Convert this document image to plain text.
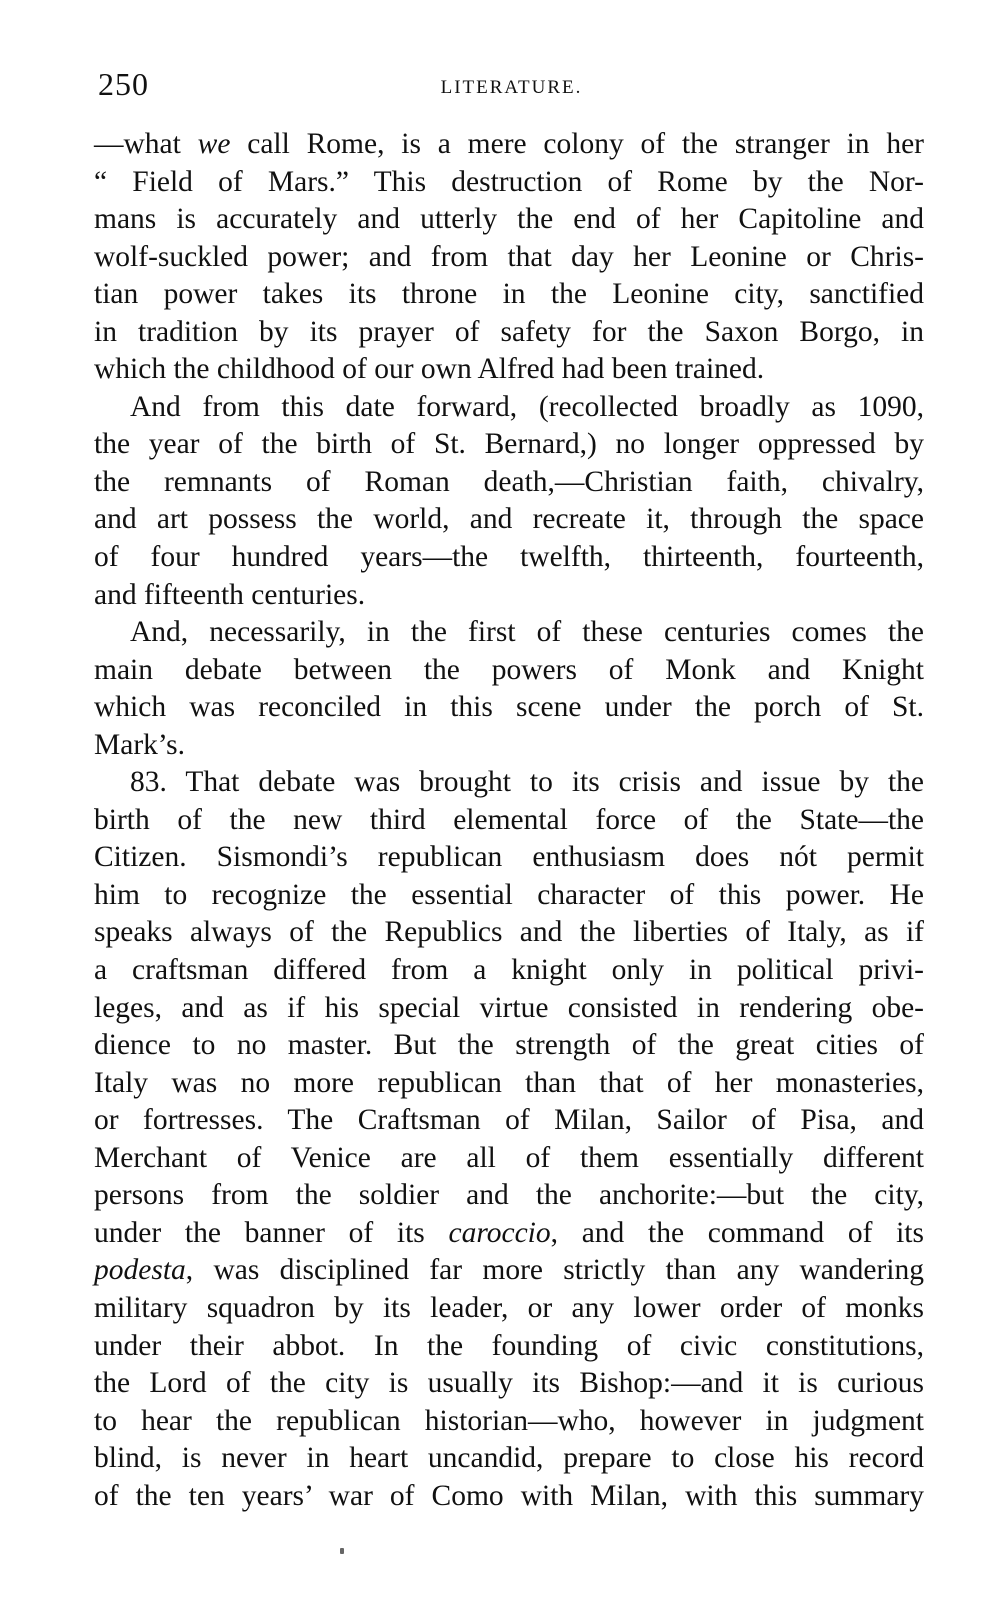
250	LITERATURE.
—what we call Rome, is a mere colony of the stranger in her
“ Field of Mars.” This destruction of Rome by the Nor-
mans is accurately and utterly the end of her Capitoline and
wolf-suckled power; and from that day her Leonine or Chris-
tian power takes its throne in the Leonine city, sanctified
in tradition by its prayer of safety for the Saxon Borgo, in
which the childhood of our own Alfred had been trained.
And from this date forward, (recollected broadly as 1090,
the year of the birth of St. Bernard,) no longer oppressed by
the remnants of Roman death,—Christian faith, chivalry,
and art possess the world, and recreate it, through the space
of four hundred years—the twelfth, thirteenth, fourteenth,
and fifteenth centuries.
And, necessarily, in the first of these centuries comes the
main debate between the powers of Monk and Knight
which was reconciled in this scene under the porch of St.
Mark’s.
83. That debate was brought to its crisis and issue by the
birth of the new third elemental force of the State—the
Citizen. Sismondi’s republican enthusiasm does nót permit
him to recognize the essential character of this power. He
speaks always of the Republics and the liberties of Italy, as if
a craftsman differed from a knight only in political privi-
leges, and as if his special virtue consisted in rendering obe-
dience to no master. But the strength of the great cities of
Italy was no more republican than that of her monasteries,
or fortresses. The Craftsman of Milan, Sailor of Pisa, and
Merchant of Venice are all of them essentially different
persons from the soldier and the anchorite:—but the city,
under the banner of its caroccio, and the command of its
podesta, was disciplined far more strictly than any wandering
military squadron by its leader, or any lower order of monks
under their abbot. In the founding of civic constitutions,
the Lord of the city is usually its Bishop:—and it is curious
to hear the republican historian—who, however in judgment
blind, is never in heart uncandid, prepare to close his record
of the ten years’ war of Como with Milan, with this summary
